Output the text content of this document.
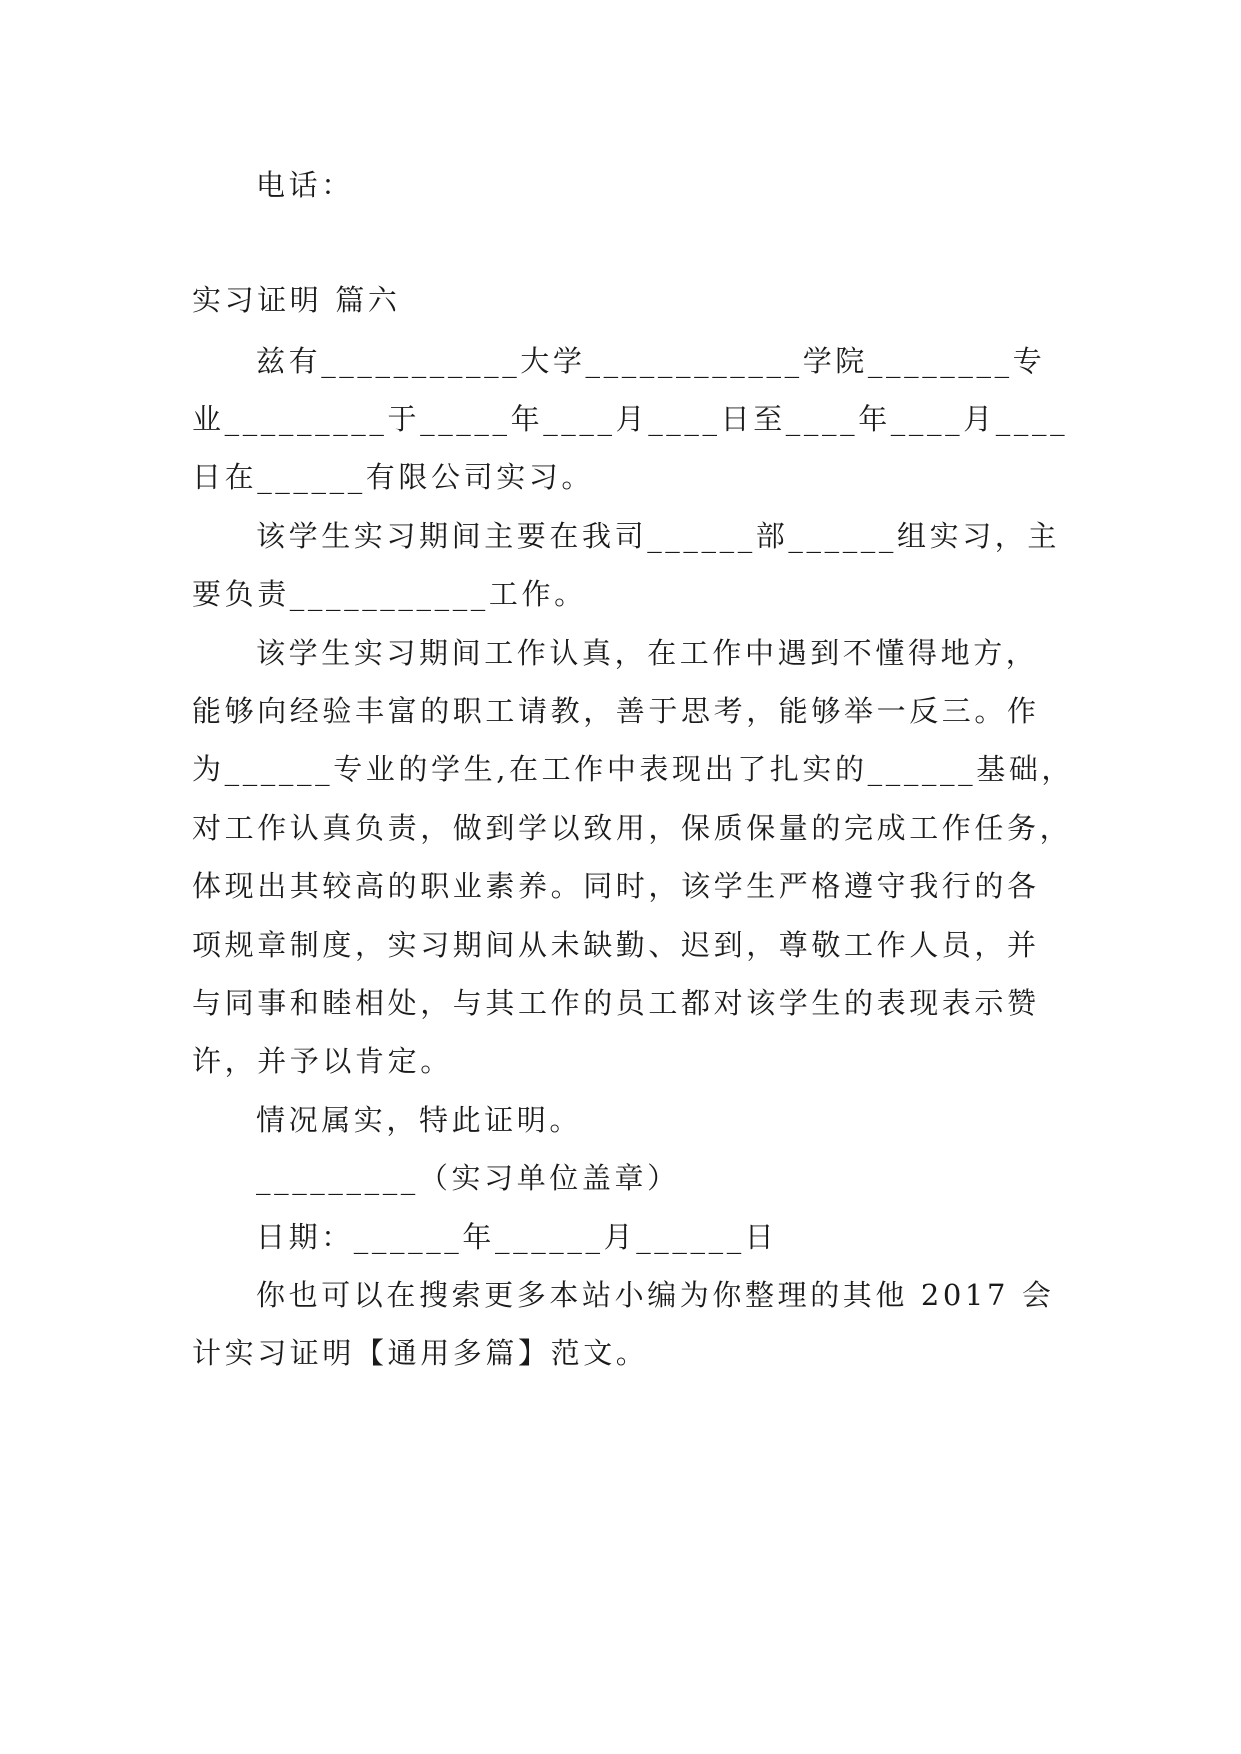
电话：
实习证明 篇六
兹有___________大学____________学院________专
业_________于_____年____月____日至____年____月____
日在______有限公司实习。
该学生实习期间主要在我司______部______组实习，主
要负责___________工作。
该学生实习期间工作认真，在工作中遇到不懂得地方，
能够向经验丰富的职工请教，善于思考，能够举一反三。作
为______专业的学生,在工作中表现出了扎实的______基础，
对工作认真负责，做到学以致用，保质保量的完成工作任务，
体现出其较高的职业素养。同时，该学生严格遵守我行的各
项规章制度，实习期间从未缺勤、迟到，尊敬工作人员，并
与同事和睦相处，与其工作的员工都对该学生的表现表示赞
许，并予以肯定。
情况属实，特此证明。
_________（实习单位盖章）
日期：______年______月______日
你也可以在搜索更多本站小编为你整理的其他 2017 会
计实习证明【通用多篇】范文。
